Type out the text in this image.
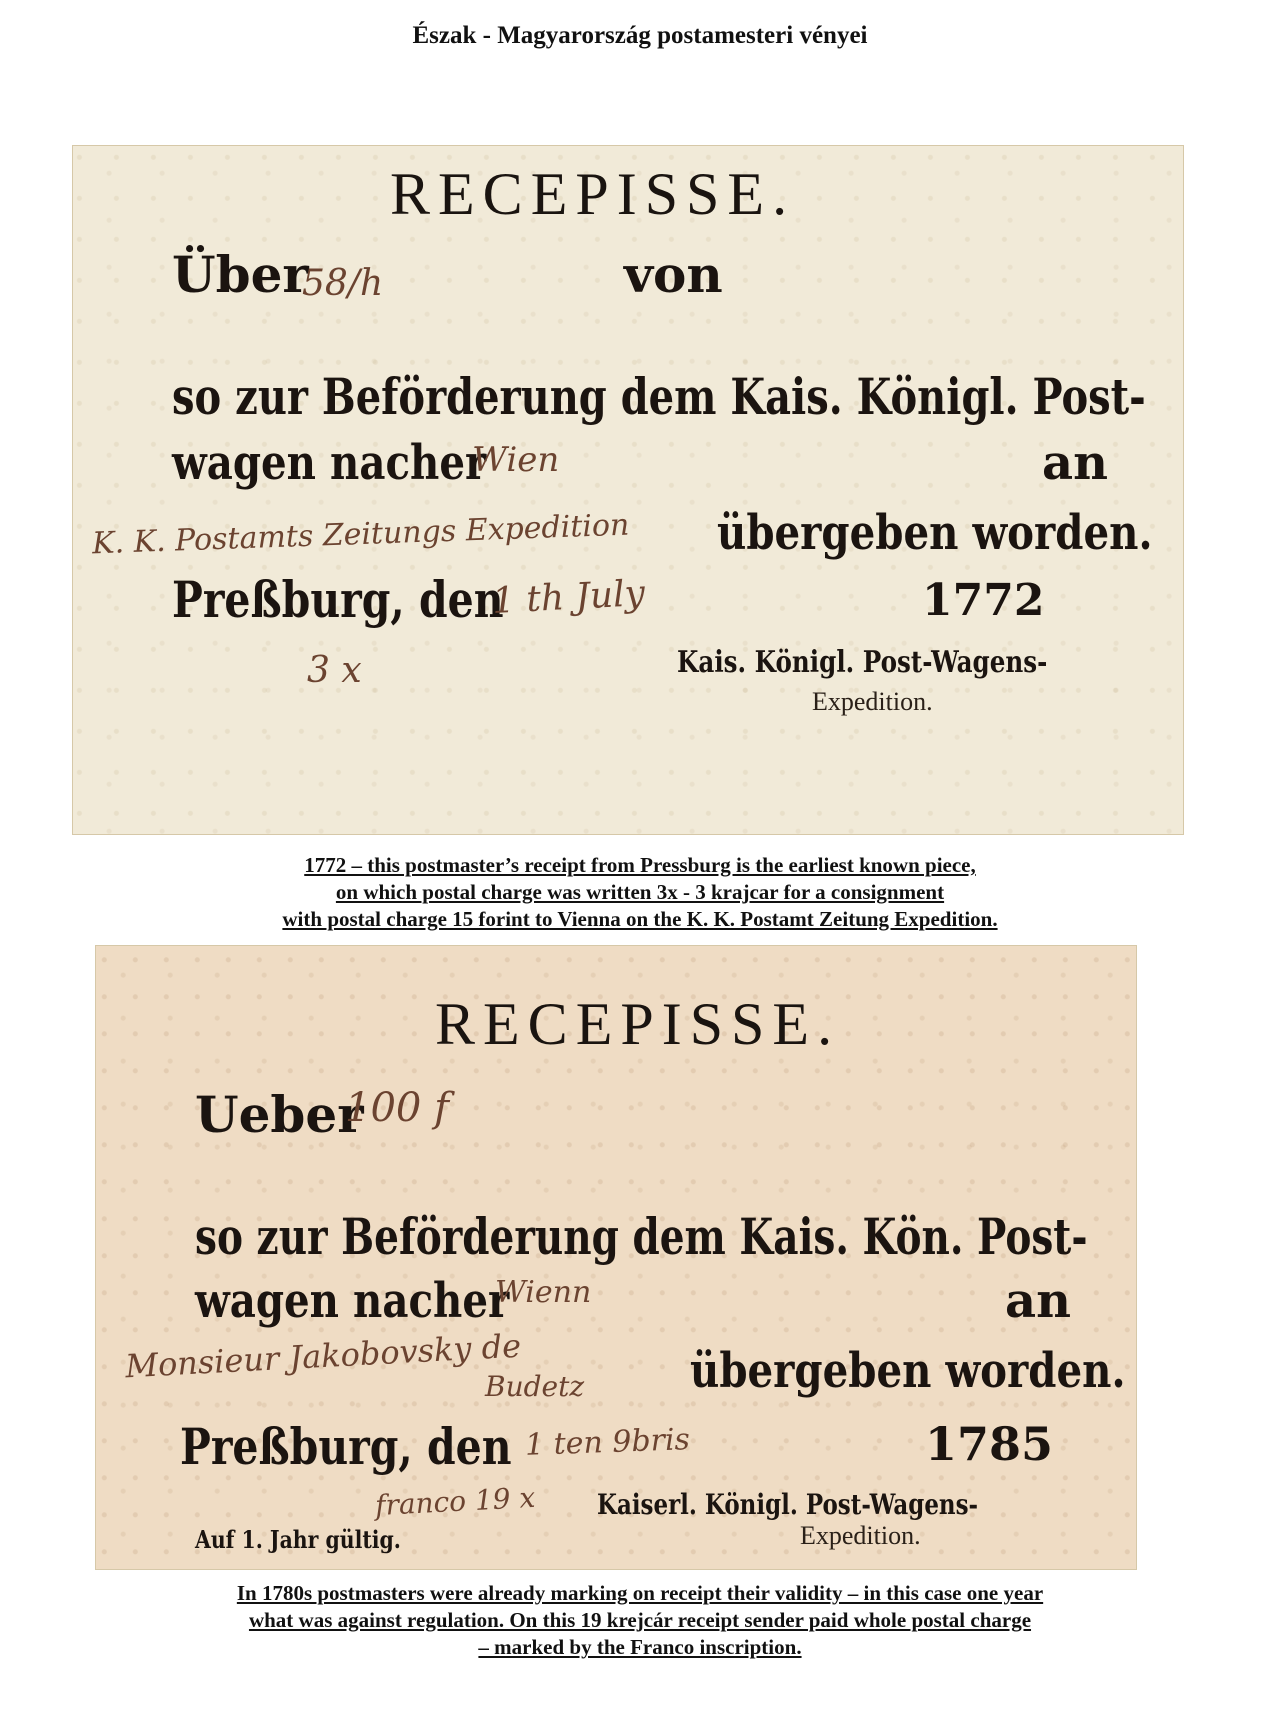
Észak - Magyarország postamesteri vényei
RECEPISSE.
Über
58/h	von
so zur Beförderung dem Kais. Königl. Post-
wagen nacher
Wien	an
K. K. Postamts Zeitungs Expedition übergeben worden.
Preßburg, den
1 th July	1772
3 x	Kais. Königl. Post-Wagens-
Expedition.
1772 – this postmaster’s receipt from Pressburg is the earliest known piece,
on which postal charge was written 3x - 3 krajcar for a consignment
with postal charge 15 forint to Vienna on the K. K. Postamt Zeitung Expedition.
RECEPISSE.
Ueber
100 f
so zur Beförderung dem Kais. Kön. Post-
wagen nacher
Wienn	an
Monsieur Jakobovsky de
Budetz übergeben worden.
Preßburg, den 1 ten 9bris	1785
franco 19 x Kaiserl. Königl. Post-Wagens-
Auf 1. Jahr gültig.	Expedition.
In 1780s postmasters were already marking on receipt their validity – in this case one year
what was against regulation. On this 19 krejcár receipt sender paid whole postal charge
– marked by the Franco inscription.
